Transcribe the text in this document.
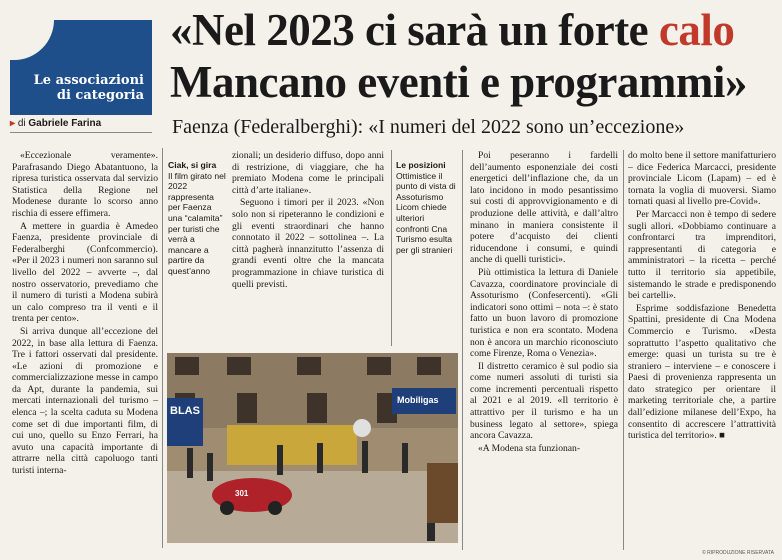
Le associazioni di categoria
▸ di Gabriele Farina
«Nel 2023 ci sarà un forte calo
Mancano eventi e programmi»
Faenza (Federalberghi): «I numeri del 2022 sono un’eccezione»

«Eccezionale veramente». Parafrasando Diego Abatantuono, la ripresa turistica osservata dal servizio Statistica della Regione nel Modenese durante lo scorso anno rischia di essere effimera.

A mettere in guardia è Amedeo Faenza, presidente provinciale di Federalberghi (Confcommercio). «Per il 2023 i numeri non saranno sul livello del 2022 – avverte –, dal nostro osservatorio, prevediamo che il numero di turisti a Modena subirà un calo compreso tra il venti e il trenta per cento».

Si arriva dunque all’eccezione del 2022, in base alla lettura di Faenza. Tre i fattori osservati dal presidente. «Le azioni di promozione e commercializzazione messe in campo da Apt, durante la pandemia, sui mercati internazionali del turismo – elenca –; la scelta caduta su Modena come set di due importanti film, di cui uno, quello su Enzo Ferrari, ha avuto una capacità importante di attrarre nella città capoluogo tanti turisti interna-

Ciak, si gira
Il film girato nel 2022 rappresenta per Faenza una “calamita” per turisti che verrà a mancare a partire da quest’anno

zionali; un desiderio diffuso, dopo anni di restrizione, di viaggiare, che ha premiato Modena come le principali città d’arte italiane».

Seguono i timori per il 2023. «Non solo non si ripeteranno le condizioni e gli eventi straordinari che hanno connotato il 2022 – sottolinea –. La città pagherà innanzitutto l’assenza di grandi eventi oltre che la mancata programmazione in chiave turistica di quelli previsti.

Le posizioni
Ottimistice il punto di vista di Assoturismo Licom chiede ulteriori confronti Cna Turismo esulta per gli stranieri
BLAS
Mobiligas
301

Poi peseranno i fardelli dell’aumento esponenziale dei costi energetici dell’inflazione che, da un lato incidono in modo pesantissimo sui costi di approvvigionamento e di produzione delle attività, e dall’altro minano in maniera consistente il potere d’acquisto dei clienti riducendone i consumi, e quindi anche di quelli turistici».

Più ottimistica la lettura di Daniele Cavazza, coordinatore provinciale di Assoturismo (Confesercenti). «Gli indicatori sono ottimi – nota –: è stato fatto un buon lavoro di promozione turistica e non era scontato. Modena non è ancora un marchio riconosciuto come Firenze, Roma o Venezia».

Il distretto ceramico è sul podio sia come numeri assoluti di turisti sia come incrementi percentuali rispetto al 2021 e al 2019. «Il territorio è attrattivo per il turismo e ha un business legato al settore», spiega ancora Cavazza.

«A Modena sta funzionan-

do molto bene il settore manifatturiero – dice Federica Marcacci, presidente provinciale Licom (Lapam) – ed è tornata la voglia di muoversi. Siamo tornati quasi al livello pre-Covid».

Per Marcacci non è tempo di sedere sugli allori. «Dobbiamo continuare a confrontarci tra imprenditori, rappresentanti di categoria e amministratori – la ricetta – perché tutto il territorio sia appetibile, sistemando le strade e predisponendo bei cartelli».

Esprime soddisfazione Benedetta Spattini, presidente di Cna Modena Commercio e Turismo. «Desta soprattutto l’aspetto qualitativo che emerge: quasi un turista su tre è straniero – interviene – e conoscere i Paesi di provenienza rappresenta un dato strategico per orientare il marketing territoriale che, a partire dall’edizione milanese dell’Expo, ha consentito di accrescere l’attrattività turistica del territorio». ■

© RIPRODUZIONE RISERVATA
